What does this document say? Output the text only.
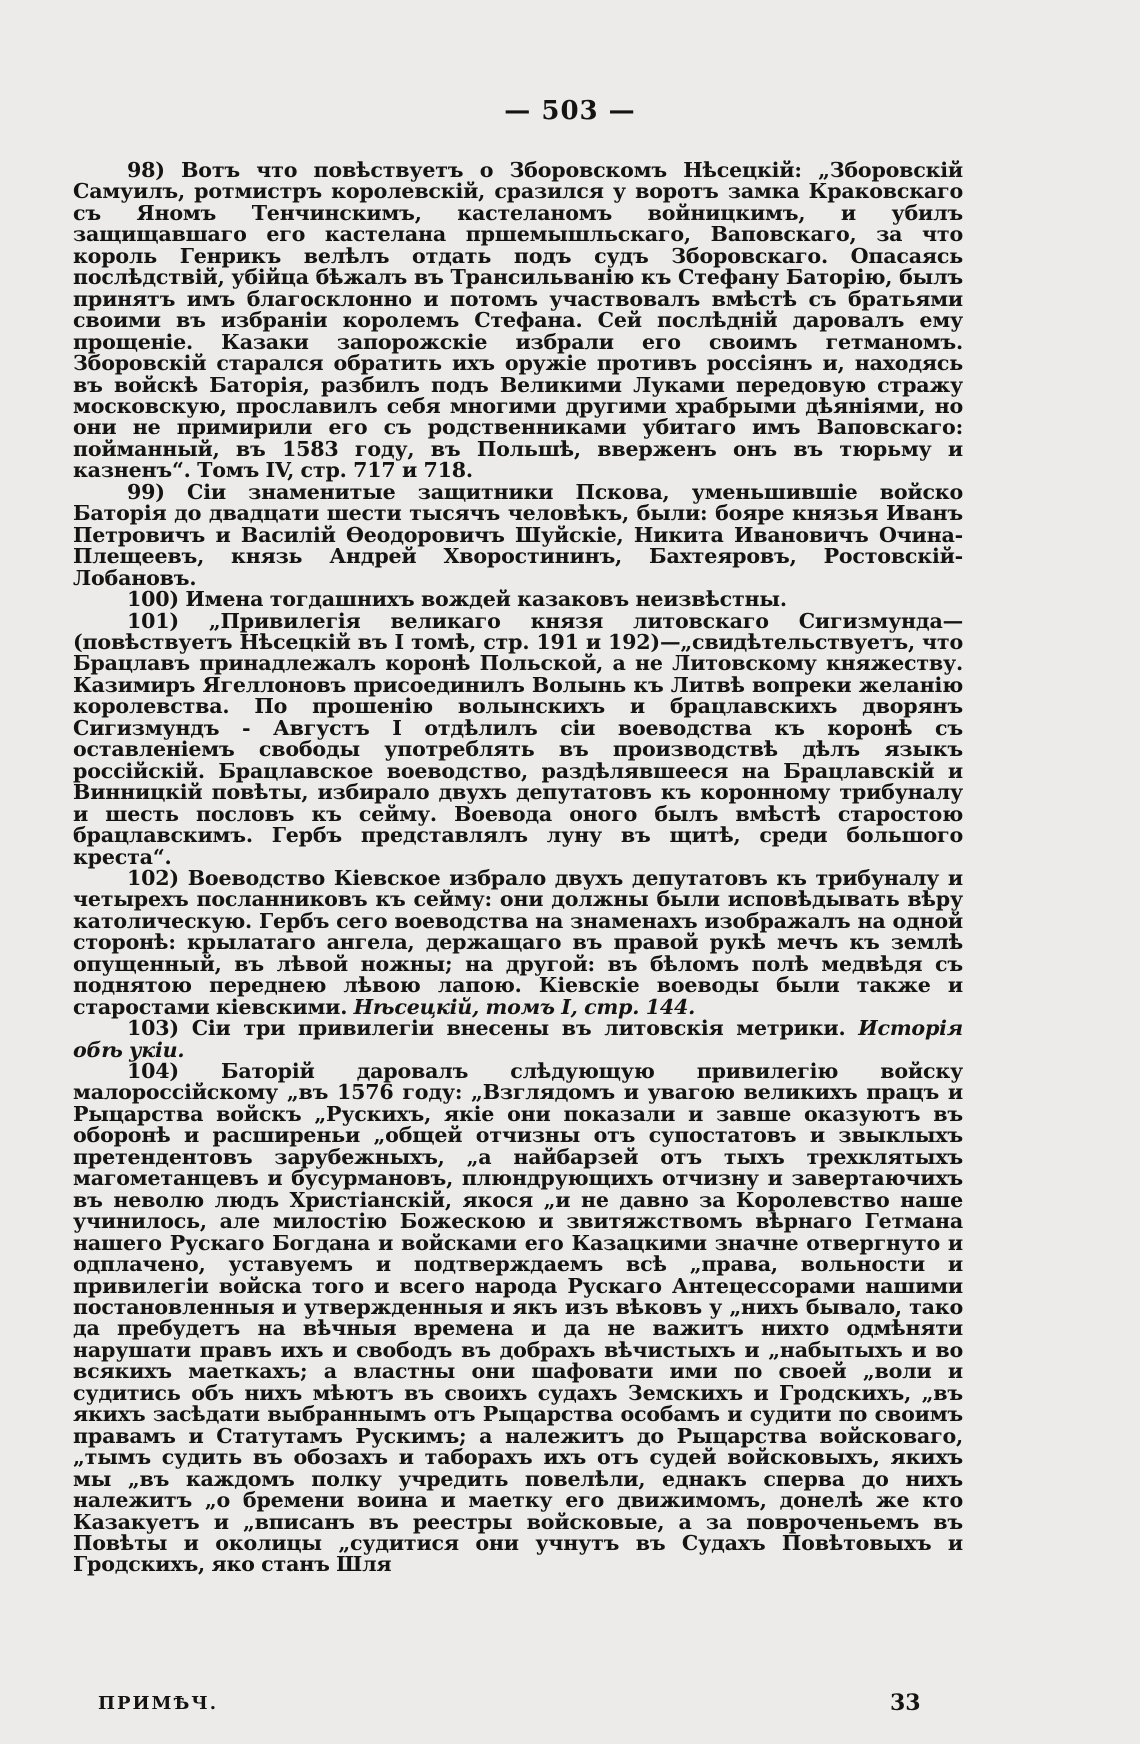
— 503 —

98) Вотъ что повѣствуетъ о Зборовскомъ Нѣсецкій: „Зборовскій Самуилъ, ротмистръ королевскій, сразился у воротъ замка Краковскаго съ Яномъ Тенчинскимъ, кастеланомъ войницкимъ, и убилъ защищавшаго его кастелана пршемышльскаго, Ваповскаго, за что король Генрикъ велѣлъ отдать подъ судъ Зборовскаго. Опасаясь послѣдствій, убійца бѣжалъ въ Трансильванію къ Стефану Баторію, былъ принятъ имъ благосклонно и потомъ участвовалъ вмѣстѣ съ братьями своими въ избраніи королемъ Стефана. Сей послѣдній даровалъ ему прощеніе. Казаки запорожскіе избрали его своимъ гетманомъ. Зборовскій старался обратить ихъ оружіе противъ россіянъ и, находясь въ войскѣ Баторія, разбилъ подъ Великими Луками передовую стражу московскую, прославилъ себя многими другими храбрыми дѣяніями, но они не примирили его съ родственниками убитаго имъ Ваповскаго: пойманный, въ 1583 году, въ Польшѣ, вверженъ онъ въ тюрьму и казненъ“. Томъ IV, стр. 717 и 718.

99) Сіи знаменитые защитники Пскова, уменьшившіе войско Баторія до двадцати шести тысячъ человѣкъ, были: бояре князья Иванъ Петровичъ и Василій Ѳеодоровичъ Шуйскіе, Никита Ивановичъ Очина-Плещеевъ, князь Андрей Хворостининъ, Бахтеяровъ, Ростовскій-Лобановъ.

100) Имена тогдашнихъ вождей казаковъ неизвѣстны.

101) „Привилегія великаго князя литовскаго Сигизмунда—(повѣствуетъ Нѣсецкій въ I томѣ, стр. 191 и 192)—„свидѣтельствуетъ, что Брацлавъ принадлежалъ коронѣ Польской, а не Литовскому княжеству. Казимиръ Ягеллоновъ присоединилъ Волынь къ Литвѣ вопреки желанію королевства. По прошенію волынскихъ и брацлавскихъ дворянъ Сигизмундъ - Августъ I отдѣлилъ сіи воеводства къ коронѣ съ оставленіемъ свободы употреблять въ производствѣ дѣлъ языкъ россійскій. Брацлавское воеводство, раздѣлявшееся на Брацлавскій и Винницкій повѣты, избирало двухъ депутатовъ къ коронному трибуналу и шесть пословъ къ сейму. Воевода оного былъ вмѣстѣ старостою брацлавскимъ. Гербъ представлялъ луну въ щитѣ, среди большого креста“.

102) Воеводство Кіевское избрало двухъ депутатовъ къ трибуналу и четырехъ посланниковъ къ сейму: они должны были исповѣдывать вѣру католическую. Гербъ сего воеводства на знаменахъ изображалъ на одной сторонѣ: крылатаго ангела, держащаго въ правой рукѣ мечъ къ землѣ опущенный, въ лѣвой ножны; на другой: въ бѣломъ полѣ медвѣдя съ поднятою переднею лѣвою лапою. Кіевскіе воеводы были также и старостами кіевскими. Нѣсецкій, томъ I, стр. 144.

103) Сіи три привилегіи внесены въ литовскія метрики. Исторія обѣ укіи.

104) Баторій даровалъ слѣдующую привилегію войску малороссійскому „въ 1576 году: „Взглядомъ и увагою великихъ працъ и Рыцарства войскъ „Рускихъ, якіе они показали и завше оказуютъ въ оборонѣ и расширеньи „общей отчизны отъ супостатовъ и звыклыхъ претендентовъ зарубежныхъ, „а найбарзей отъ тыхъ трехклятыхъ магометанцевъ и бусурмановъ, плюндрующихъ отчизну и завертаючихъ въ неволю людъ Христіанскій, якося „и не давно за Королевство наше учинилось, але милостію Божескою и звитяжствомъ вѣрнаго Гетмана нашего Рускаго Богдана и войсками его Казацкими значне отвергнуто и одплачено, уставуемъ и подтверждаемъ всѣ „права, вольности и привилегіи войска того и всего народа Рускаго Антецессорами нашими постановленныя и утвержденныя и якъ изъ вѣковъ у „нихъ бывало, тако да пребудетъ на вѣчныя времена и да не важитъ нихто одмѣняти нарушати правъ ихъ и свободъ въ добрахъ вѣчистыхъ и „набытыхъ и во всякихъ маеткахъ; а властны они шафовати ими по своей „воли и судитись объ нихъ мѣютъ въ своихъ судахъ Земскихъ и Гродскихъ, „въ якихъ засѣдати выбраннымъ отъ Рыцарства особамъ и судити по своимъ правамъ и Статутамъ Рускимъ; а належитъ до Рыцарства войсковаго, „тымъ судить въ обозахъ и таборахъ ихъ отъ судей войсковыхъ, якихъ мы „въ каждомъ полку учредить повелѣли, еднакъ сперва до нихъ належитъ „о бремени воина и маетку его движимомъ, донелѣ же кто Казакуетъ и „вписанъ въ реестры войсковые, а за повроченьемъ въ Повѣты и околицы „судитися они учнутъ въ Судахъ Повѣтовыхъ и Гродскихъ, яко станъ Шля

ПРИМѢЧ.	33
